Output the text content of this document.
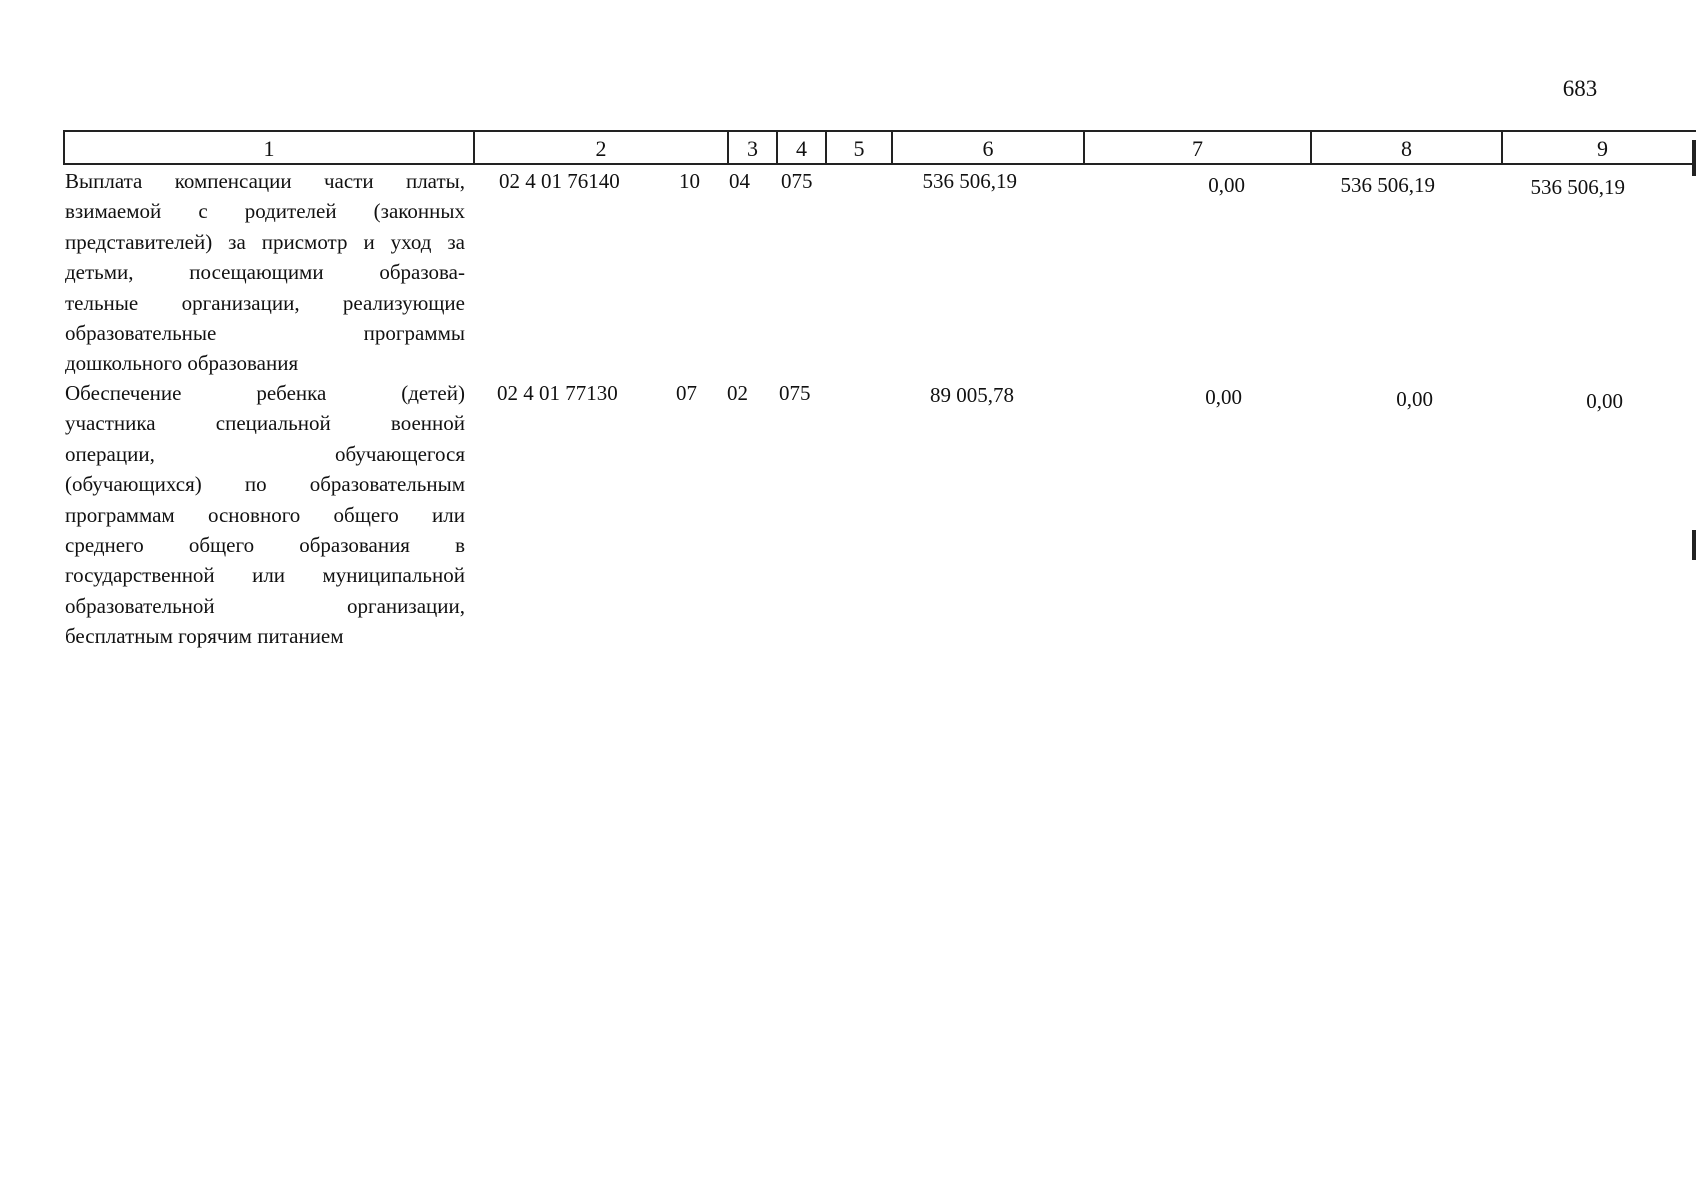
683
1	2	3	4	5	6	7	8	9
Выплата компенсации части платы,
взимаемой с родителей (законных
представителей) за присмотр и уход за
детьми, посещающими образова-
тельные организации, реализующие
образовательные программы
дошкольного образования
02 4 01 76140	10 04 075	536 506,19	0,00	536 506,19	536 506,19
Обеспечение ребенка (детей)
участника специальной военной
операции, обучающегося
(обучающихся) по образовательным
программам основного общего или
среднего общего образования в
государственной или муниципальной
образовательной организации,
бесплатным горячим питанием
02 4 01 77130	07 02 075	89 005,78	0,00	0,00	0,00
